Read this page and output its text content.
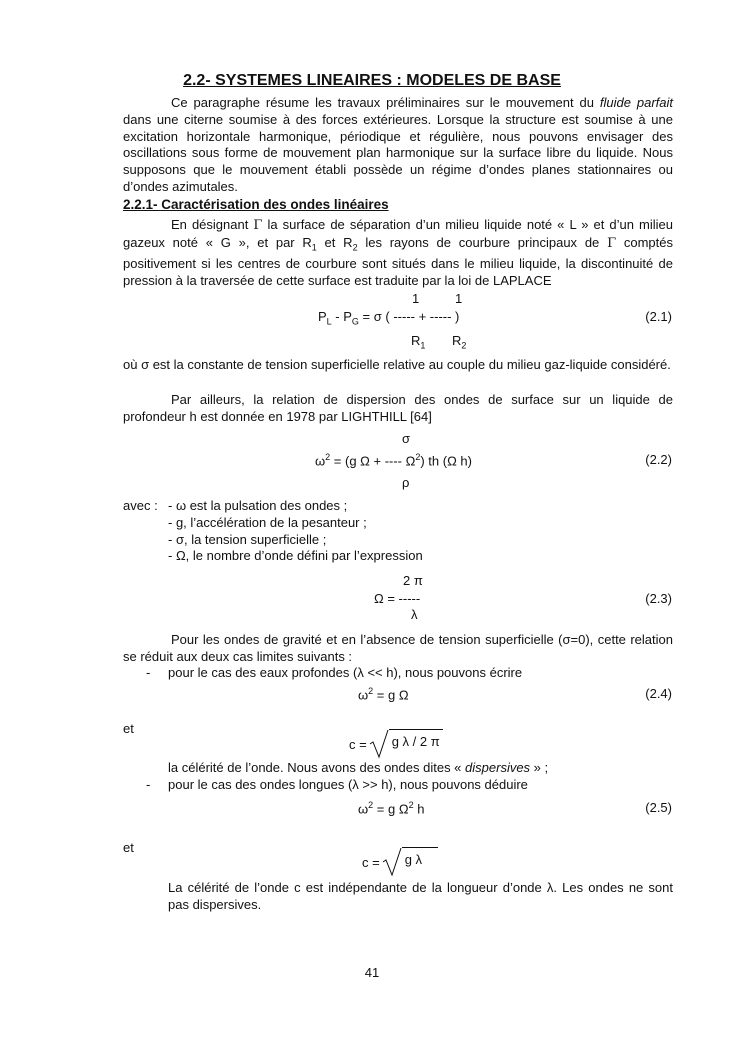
2.2- SYSTEMES LINEAIRES : MODELES DE BASE
Ce paragraphe résume les travaux préliminaires sur le mouvement du fluide parfait dans une citerne soumise à des forces extérieures. Lorsque la structure est soumise à une excitation horizontale harmonique, périodique et régulière, nous pouvons envisager des oscillations sous forme de mouvement plan harmonique sur la surface libre du liquide. Nous supposons que le mouvement établi possède un régime d’ondes planes stationnaires ou d’ondes azimutales.
2.2.1- Caractérisation des ondes linéaires
En désignant Γ la surface de séparation d’un milieu liquide noté « L » et d’un milieu gazeux noté « G », et par $R_1$ et $R_2$ les rayons de courbure principaux de Γ comptés positivement si les centres de courbure sont situés dans le milieu liquide, la discontinuité de pression à la traversée de cette surface est traduite par la loi de LAPLACE
1	1
$P_L - P_G = \sigma$ ( ----- + ----- )
$R_1$ $R_2$
(2.1)
où σ est la constante de tension superficielle relative au couple du milieu gaz-liquide considéré.
Par ailleurs, la relation de dispersion des ondes de surface sur un liquide de profondeur h est donnée en 1978 par LIGHTHILL [64]
σ
$\omega^2 = (g$ Ω + ---- $\Omega^2$) th (Ω h)
ρ
(2.2)
avec : - ω est la pulsation des ondes ;
- g, l’accélération de la pesanteur ;
- σ, la tension superficielle ;
- Ω, le nombre d’onde défini par l’expression
2 π
Ω = -----
λ
(2.3)
Pour les ondes de gravité et en l’absence de tension superficielle (σ=0), cette relation se réduit aux deux cas limites suivants :
- pour le cas des eaux profondes (λ << h), nous pouvons écrire
$\omega^2 = g$ Ω	(2.4)
et
c = g λ / 2 π
la célérité de l’onde. Nous avons des ondes dites « dispersives » ;
- pour le cas des ondes longues (λ >> h), nous pouvons déduire
$\omega^2 = g$ $\Omega^2$ h	(2.5)
et
c = g λ
La célérité de l’onde c est indépendante de la longueur d’onde λ. Les ondes ne sont pas dispersives.
41
